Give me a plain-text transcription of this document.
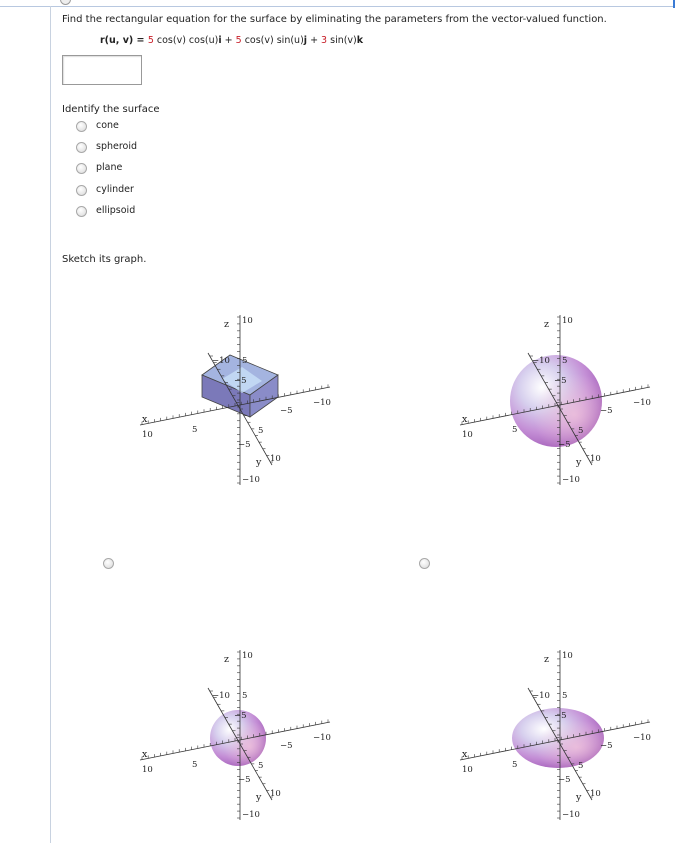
Find the rectangular equation for the surface by eliminating the parameters from the vector-valued function.
r(u, v) = 5 cos(v) cos(u)i + 5 cos(v) sin(u)j + 3 sin(v)k
Identify the surface
cone
spheroid
plane
cylinder
ellipsoid
Sketch its graph.
z 10
−10 5
−5
x
10	5
−5
−10
5
−5
y 10
−10
z 10
−10 5
−5
x
10	5
−5
−10
5
−5
y 10
−10
z 10
−10 5
−5
x
10	5
−5
−10
5
−5
y 10
−10
z 10
−10 5
−5
x
10	5
−5
−10
5
−5
y 10
−10
